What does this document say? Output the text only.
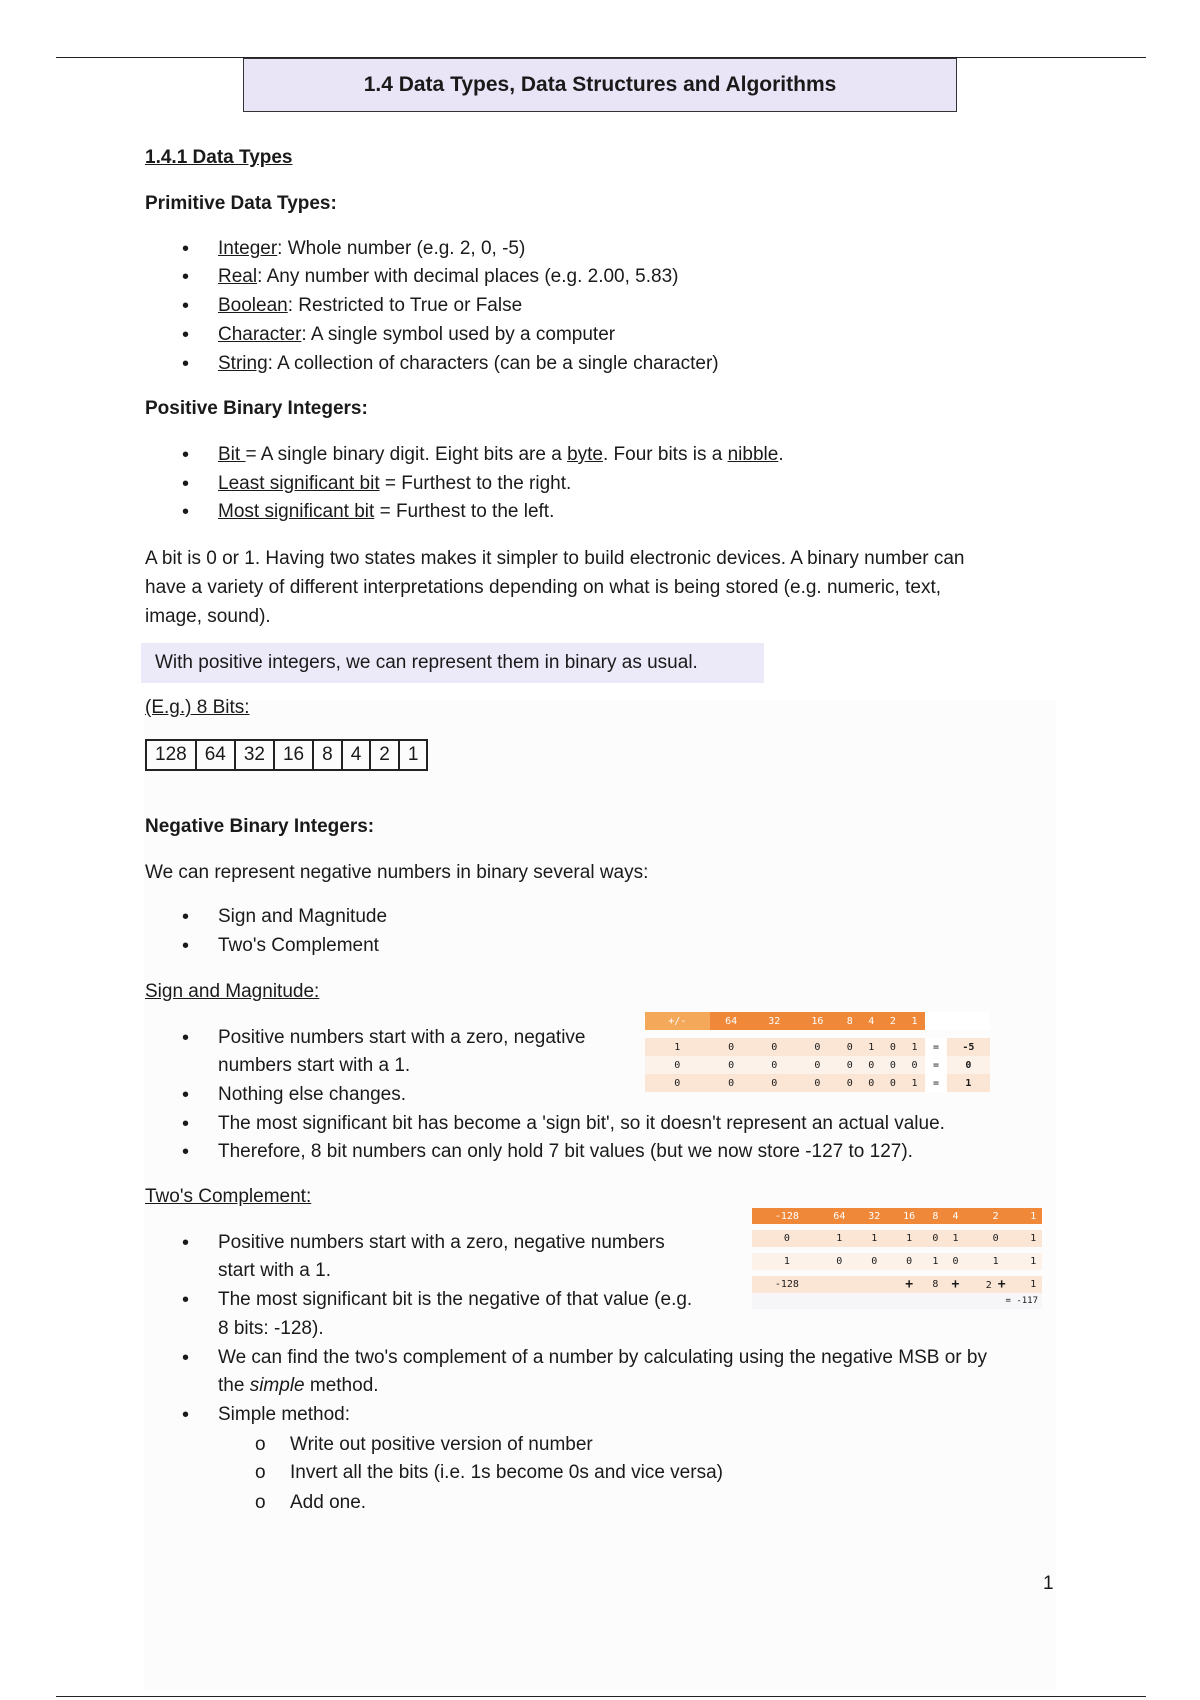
1.4 Data Types, Data Structures and Algorithms
1.4.1 Data Types
Primitive Data Types:
• Integer: Whole number (e.g. 2, 0, -5)
• Real: Any number with decimal places (e.g. 2.00, 5.83)
• Boolean: Restricted to True or False
• Character: A single symbol used by a computer
• String: A collection of characters (can be a single character)
Positive Binary Integers:
• Bit = A single binary digit. Eight bits are a byte. Four bits is a nibble.
• Least significant bit = Furthest to the right.
• Most significant bit = Furthest to the left.
A bit is 0 or 1. Having two states makes it simpler to build electronic devices. A binary number can
have a variety of different interpretations depending on what is being stored (e.g. numeric, text,
image, sound).
With positive integers, we can represent them in binary as usual.
(E.g.) 8 Bits:
128 64 32 16 8 4 2 1
Negative Binary Integers:
We can represent negative numbers in binary several ways:
• Sign and Magnitude
• Two's Complement
Sign and Magnitude:
• Positive numbers start with a zero, negative
numbers start with a 1.
• Nothing else changes.
• The most significant bit has become a 'sign bit', so it doesn't represent an actual value.
• Therefore, 8 bit numbers can only hold 7 bit values (but we now store -127 to 127).
+/-	64	32	16	8	4	2	1		

1	0	0	0	0	1	0	1	=	-5
0	0	0	0	0	0	0	0	=	0
0	0	0	0	0	0	0	1	=	1
Two's Complement:
• Positive numbers start with a zero, negative numbers
start with a 1.
• The most significant bit is the negative of that value (e.g.
8 bits: -128).
• We can find the two's complement of a number by calculating using the negative MSB or by
the simple method.
• Simple method:
o Write out positive version of number
o Invert all the bits (i.e. 1s become 0s and vice versa)
o Add one.
-128	64	32	16	8	4	2	1

0	1	1	1	0	1	0	1

1	0	0	0	1	0	1	1

-128			+	8	+	2 +	1
= -117							
1
